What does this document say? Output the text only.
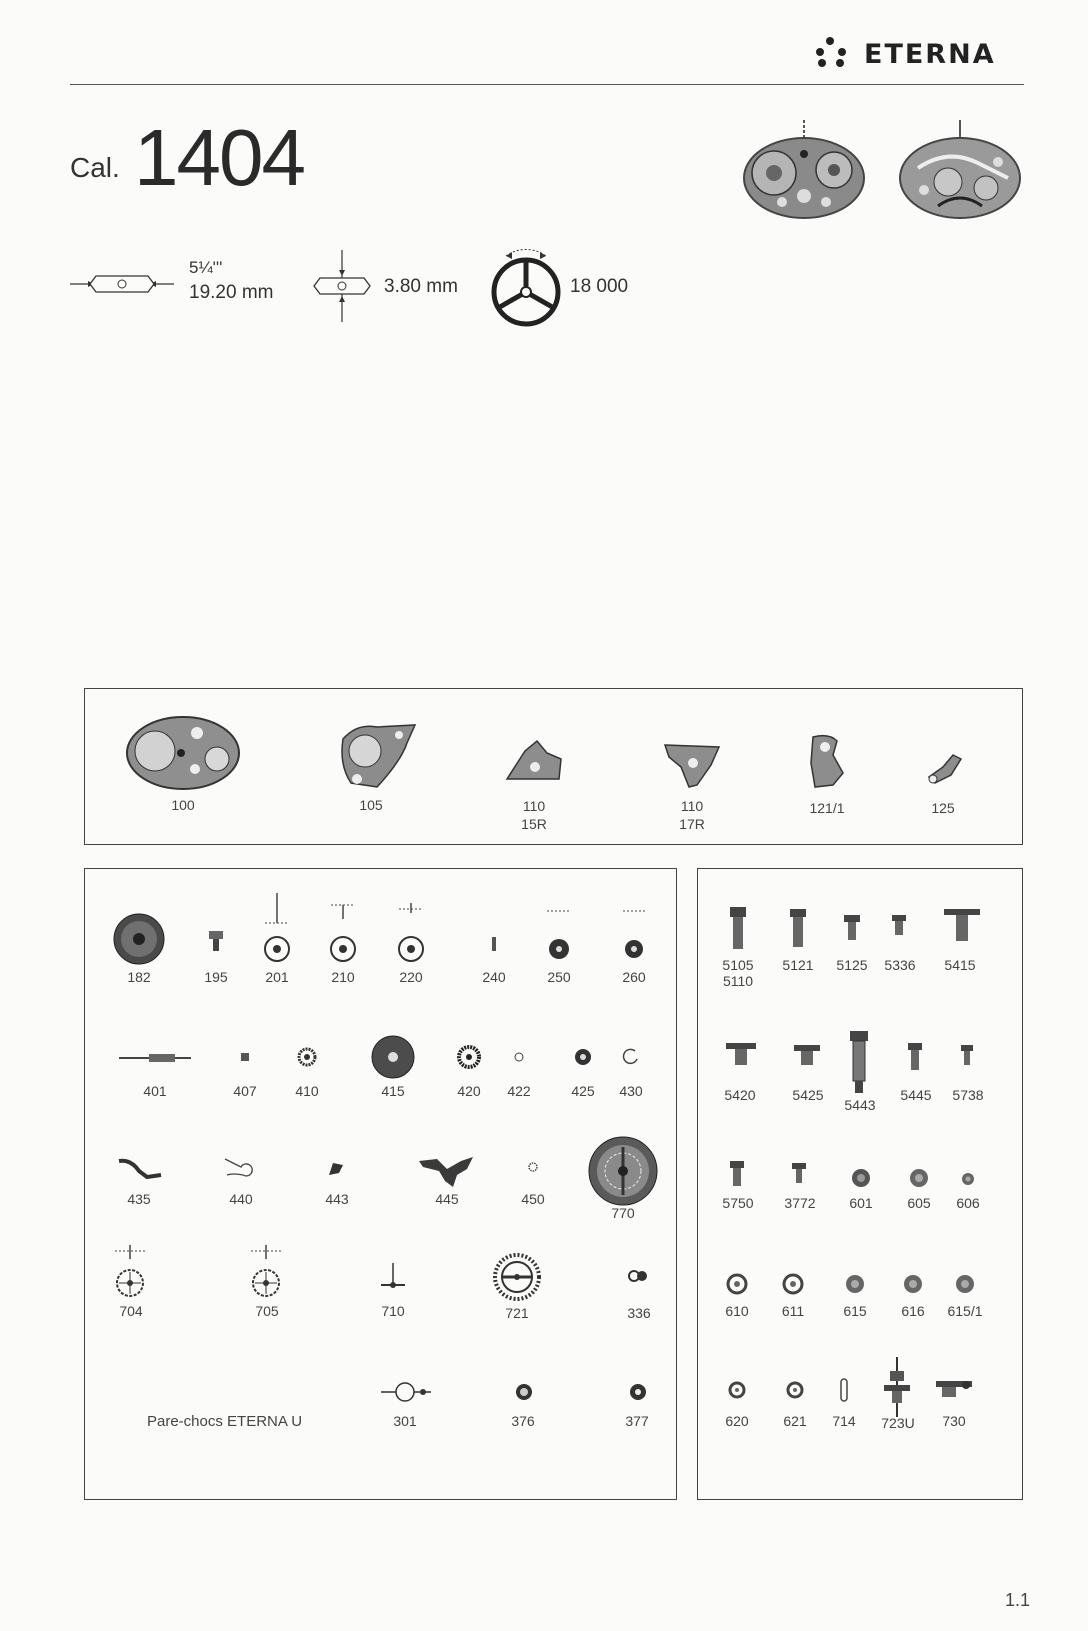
ETERNA
Cal. 1404
5¼'''
19.20 mm	3.80 mm	18 000
100	105	110
15R
110
17R
121/1	125
182	195	201	210	220	240	250	260
401	407	410	415	420	422	425	430
435	440	443	445	450
770
704	705	710	721	336
Pare-chocs ETERNA U	301	376	377
5105
5110
5121	5125	5336	5415
5420	5425
5443
5445	5738
5750	3772	601	605	606
610	611	615	616	615/1
620	621	714	723U	730
1.1
